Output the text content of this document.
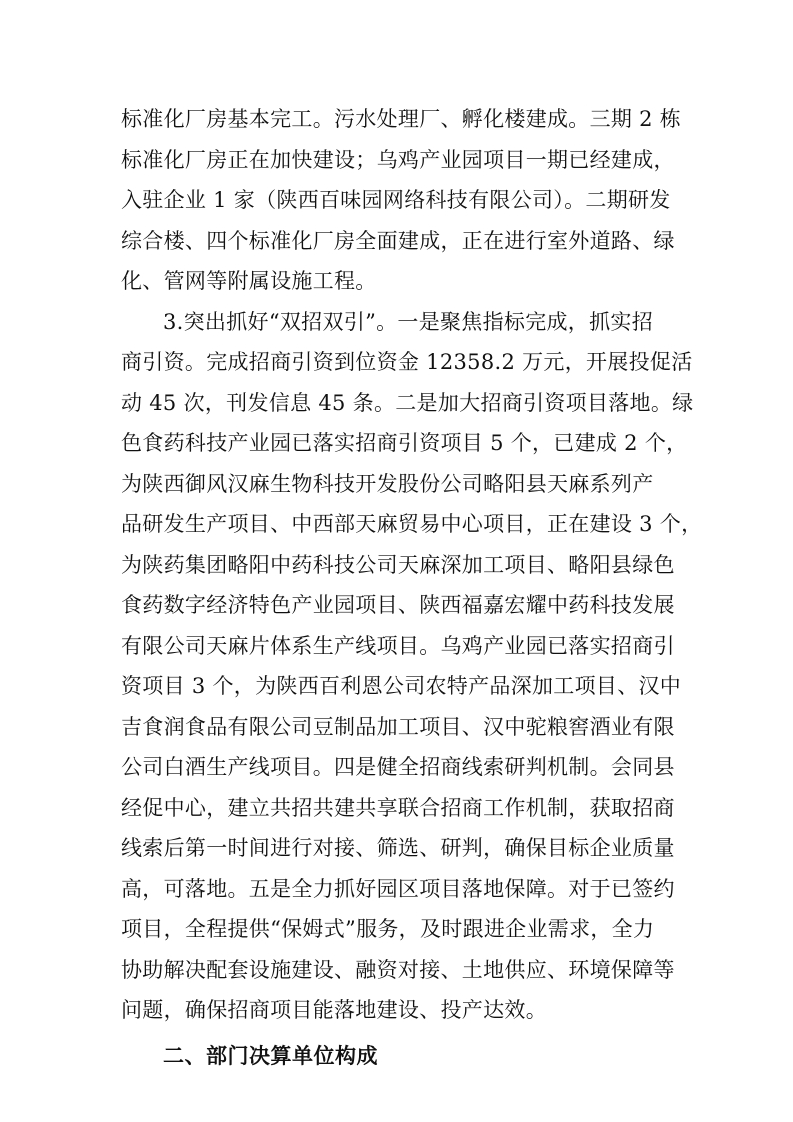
标准化厂房基本完工。污水处理厂、孵化楼建成。三期 2 栋
标准化厂房正在加快建设；乌鸡产业园项目一期已经建成，
入驻企业 1 家（陕西百味园网络科技有限公司）。二期研发
综合楼、四个标准化厂房全面建成，正在进行室外道路、绿
化、管网等附属设施工程。
3.突出抓好“双招双引”。一是聚焦指标完成，抓实招
商引资。完成招商引资到位资金 12358.2 万元，开展投促活
动 45 次，刊发信息 45 条。二是加大招商引资项目落地。绿
色食药科技产业园已落实招商引资项目 5 个，已建成 2 个，
为陕西御风汉麻生物科技开发股份公司略阳县天麻系列产
品研发生产项目、中西部天麻贸易中心项目，正在建设 3 个，
为陕药集团略阳中药科技公司天麻深加工项目、略阳县绿色
食药数字经济特色产业园项目、陕西福嘉宏耀中药科技发展
有限公司天麻片体系生产线项目。乌鸡产业园已落实招商引
资项目 3 个，为陕西百利恩公司农特产品深加工项目、汉中
吉食润食品有限公司豆制品加工项目、汉中驼粮窖酒业有限
公司白酒生产线项目。四是健全招商线索研判机制。会同县
经促中心，建立共招共建共享联合招商工作机制，获取招商
线索后第一时间进行对接、筛选、研判，确保目标企业质量
高，可落地。五是全力抓好园区项目落地保障。对于已签约
项目，全程提供“保姆式”服务，及时跟进企业需求，全力
协助解决配套设施建设、融资对接、土地供应、环境保障等
问题，确保招商项目能落地建设、投产达效。
二、部门决算单位构成
